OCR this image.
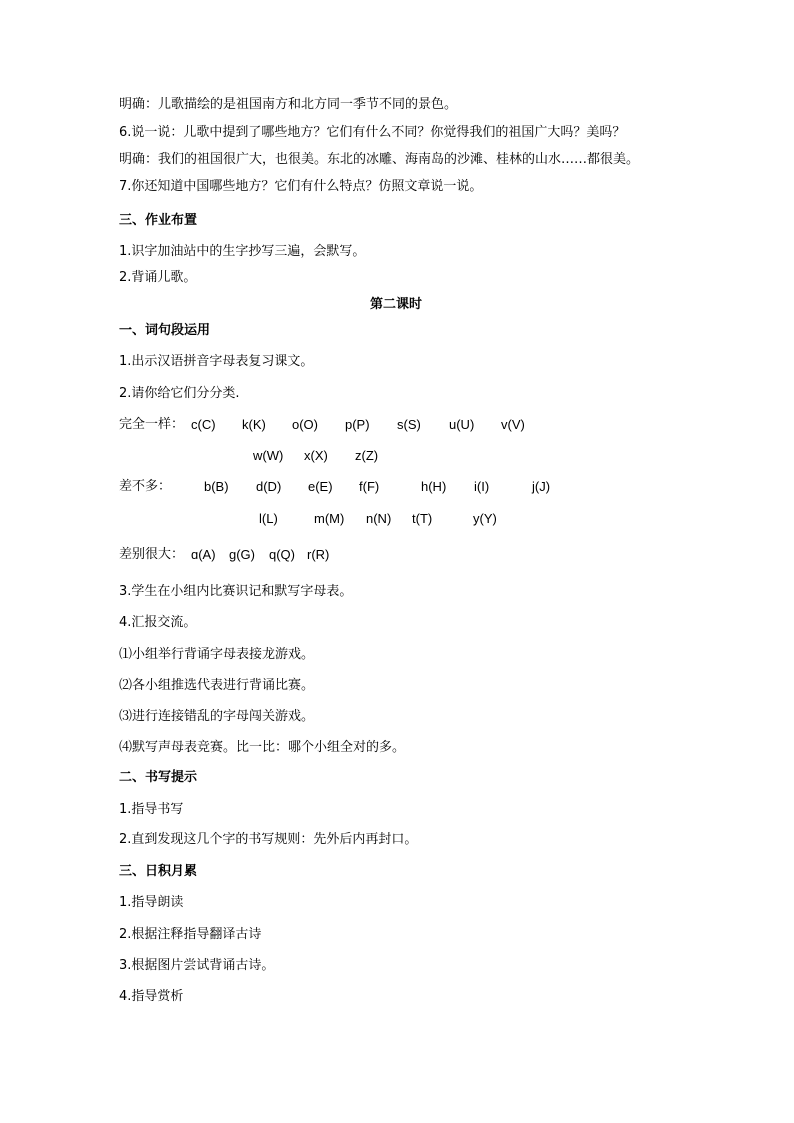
明确：儿歌描绘的是祖国南方和北方同一季节不同的景色。
6.说一说：儿歌中提到了哪些地方？它们有什么不同？你觉得我们的祖国广大吗？美吗？
明确：我们的祖国很广大，也很美。东北的冰雕、海南岛的沙滩、桂林的山水……都很美。
7.你还知道中国哪些地方？它们有什么特点？仿照文章说一说。
三、作业布置
1.识字加油站中的生字抄写三遍，会默写。
2.背诵儿歌。
第二课时
一、词句段运用
1.出示汉语拼音字母表复习课文。
2.请你给它们分分类.
完全一样： c(C) k(K) o(O) p(P) s(S) u(U) v(V)
w(W) x(X) z(Z)
差不多：	b(B) d(D) e(E) f(F)	h(H) i(I)	j(J)
l(L)	m(M) n(N) t(T)	y(Y)
差别很大： ɑ(A) g(G) q(Q) r(R)
3.学生在小组内比赛识记和默写字母表。
4.汇报交流。
⑴小组举行背诵字母表接龙游戏。
⑵各小组推选代表进行背诵比赛。
⑶进行连接错乱的字母闯关游戏。
⑷默写声母表竞赛。比一比：哪个小组全对的多。
二、书写提示
1.指导书写
2.直到发现这几个字的书写规则：先外后内再封口。
三、日积月累
1.指导朗读
2.根据注释指导翻译古诗
3.根据图片尝试背诵古诗。
4.指导赏析
